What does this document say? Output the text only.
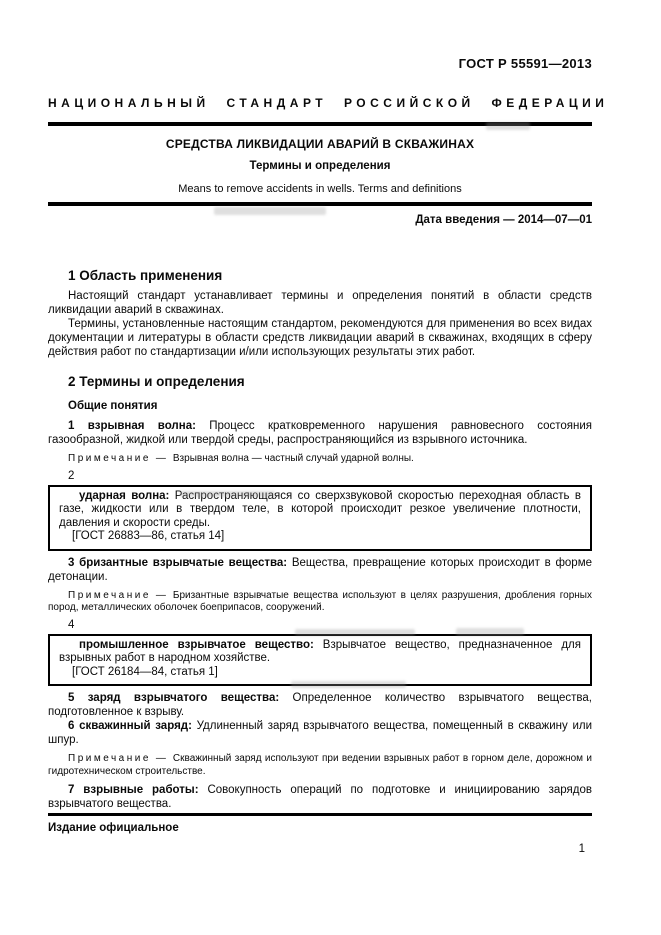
ГОСТ Р 55591—2013
НАЦИОНАЛЬНЫЙ СТАНДАРТ РОССИЙСКОЙ ФЕДЕРАЦИИ
СРЕДСТВА ЛИКВИДАЦИИ АВАРИЙ В СКВАЖИНАХ
Термины и определения
Means to remove accidents in wells. Terms and definitions
Дата введения — 2014—07—01
1 Область применения

Настоящий стандарт устанавливает термины и определения понятий в области средств ликвидации аварий в скважинах.

Термины, установленные настоящим стандартом, рекомендуются для применения во всех видах документации и литературы в области средств ликвидации аварий в скважинах, входящих в сферу действия работ по стандартизации и/или использующих результаты этих работ.

2 Термины и определения
Общие понятия

1 взрывная волна: Процесс кратковременного нарушения равновесного состояния газообразной, жидкой или твердой среды, распространяющийся из взрывного источника.

Примечание — Взрывная волна — частный случай ударной волны.

2

ударная волна: Распространяющаяся со сверхзвуковой скоростью переходная область в газе, жидкости или в твердом теле, в которой происходит резкое увеличение плотности, давления и скорости среды.

[ГОСТ 26883—86, статья 14]

3 бризантные взрывчатые вещества: Вещества, превращение которых происходит в форме детонации.

Примечание — Бризантные взрывчатые вещества используют в целях разрушения, дробления горных пород, металлических оболочек боеприпасов, сооружений.

4

промышленное взрывчатое вещество: Взрывчатое вещество, предназначенное для взрывных работ в народном хозяйстве.

[ГОСТ 26184—84, статья 1]

5 заряд взрывчатого вещества: Определенное количество взрывчатого вещества, подготовленное к взрыву.

6 скважинный заряд: Удлиненный заряд взрывчатого вещества, помещенный в скважину или шпур.

Примечание — Скважинный заряд используют при ведении взрывных работ в горном деле, дорожном и гидротехническом строительстве.

7 взрывные работы: Совокупность операций по подготовке и инициированию зарядов взрывчатого вещества.

Издание официальное
1
